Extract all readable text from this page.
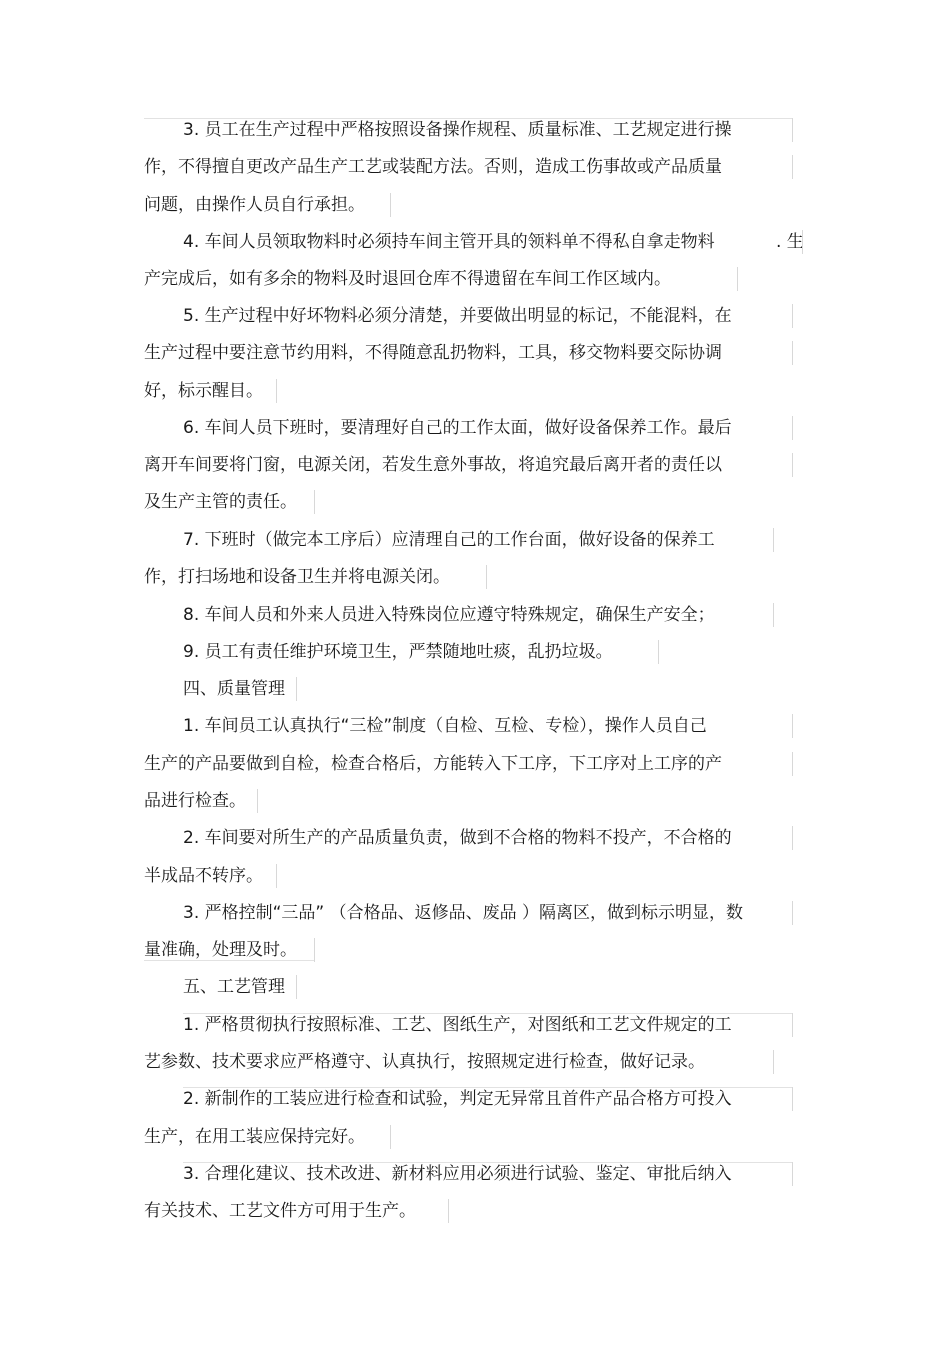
3. 员工在生产过程中严格按照设备操作规程、质量标准、工艺规定进行操
作，不得擅自更改产品生产工艺或装配方法。否则，造成工伤事故或产品质量
问题，由操作人员自行承担。
4. 车间人员领取物料时必须持车间主管开具的领料单不得私自拿走物料	. 生
产完成后，如有多余的物料及时退回仓库不得遗留在车间工作区域内。
5. 生产过程中好坏物料必须分清楚，并要做出明显的标记，不能混料，在
生产过程中要注意节约用料，不得随意乱扔物料，工具，移交物料要交际协调
好，标示醒目。
6. 车间人员下班时，要清理好自己的工作太面，做好设备保养工作。最后
离开车间要将门窗，电源关闭，若发生意外事故，将追究最后离开者的责任以
及生产主管的责任。
7. 下班时（做完本工序后）应清理自己的工作台面，做好设备的保养工
作，打扫场地和设备卫生并将电源关闭。
8. 车间人员和外来人员进入特殊岗位应遵守特殊规定，确保生产安全；
9. 员工有责任维护环境卫生，严禁随地吐痰，乱扔垃圾。
四、质量管理
1. 车间员工认真执行“三检”制度（自检、互检、专检），操作人员自己
生产的产品要做到自检，检查合格后，方能转入下工序，下工序对上工序的产
品进行检查。
2. 车间要对所生产的产品质量负责，做到不合格的物料不投产，不合格的
半成品不转序。
3. 严格控制“三品” （合格品、返修品、废品 ）隔离区，做到标示明显，数
量准确，处理及时。
五、工艺管理
1. 严格贯彻执行按照标准、工艺、图纸生产，对图纸和工艺文件规定的工
艺参数、技术要求应严格遵守、认真执行，按照规定进行检查，做好记录。
2. 新制作的工装应进行检查和试验，判定无异常且首件产品合格方可投入
生产，在用工装应保持完好。
3. 合理化建议、技术改进、新材料应用必须进行试验、鉴定、审批后纳入
有关技术、工艺文件方可用于生产。
